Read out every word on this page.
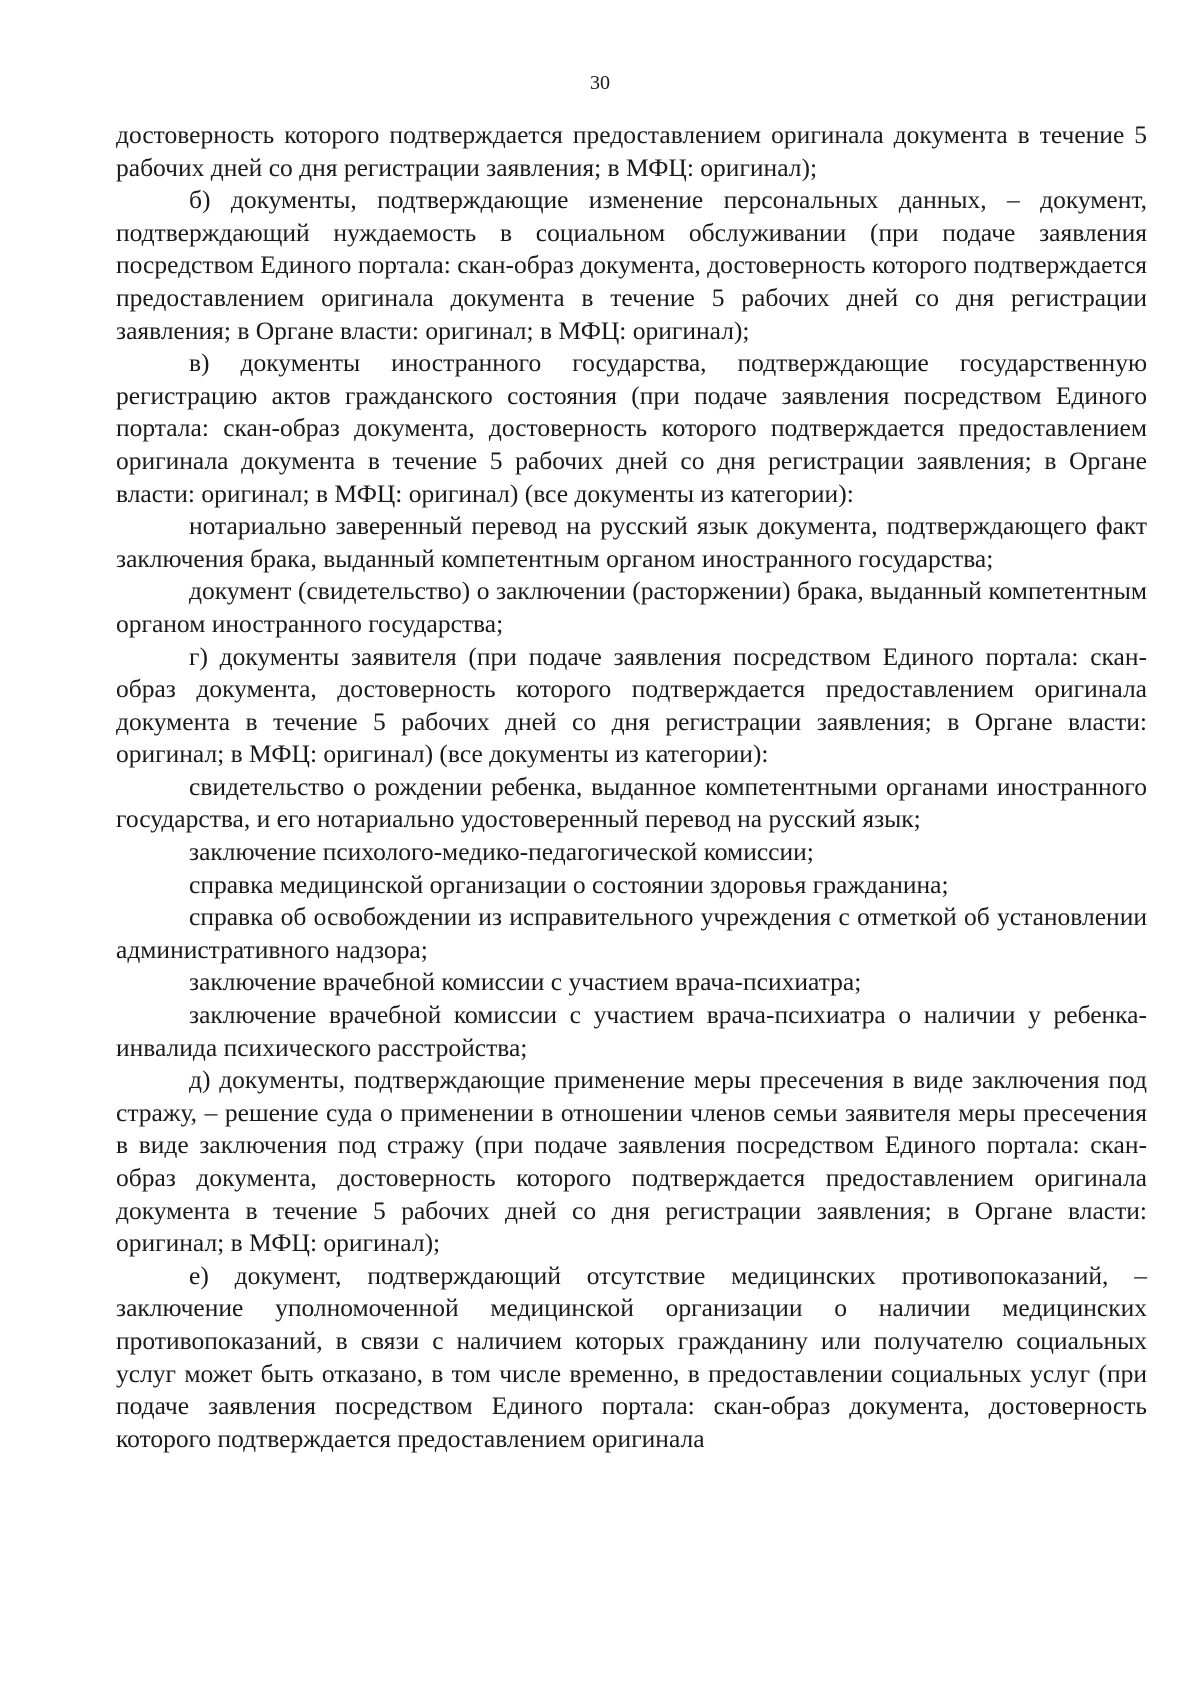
30

достоверность которого подтверждается предоставлением оригинала документа в течение 5 рабочих дней со дня регистрации заявления; в МФЦ: оригинал);

б) документы, подтверждающие изменение персональных данных, – документ, подтверждающий нуждаемость в социальном обслуживании (при подаче заявления посредством Единого портала: скан-образ документа, достоверность которого подтверждается предоставлением оригинала документа в течение 5 рабочих дней со дня регистрации заявления; в Органе власти: оригинал; в МФЦ: оригинал);

в) документы иностранного государства, подтверждающие государственную регистрацию актов гражданского состояния (при подаче заявления посредством Единого портала: скан-образ документа, достоверность которого подтверждается предоставлением оригинала документа в течение 5 рабочих дней со дня регистрации заявления; в Органе власти: оригинал; в МФЦ: оригинал) (все документы из категории):

нотариально заверенный перевод на русский язык документа, подтверждающего факт заключения брака, выданный компетентным органом иностранного государства;

документ (свидетельство) о заключении (расторжении) брака, выданный компетентным органом иностранного государства;

г) документы заявителя (при подаче заявления посредством Единого портала: скан-образ документа, достоверность которого подтверждается предоставлением оригинала документа в течение 5 рабочих дней со дня регистрации заявления; в Органе власти: оригинал; в МФЦ: оригинал) (все документы из категории):

свидетельство о рождении ребенка, выданное компетентными органами иностранного государства, и его нотариально удостоверенный перевод на русский язык;

заключение психолого-медико-педагогической комиссии;

справка медицинской организации о состоянии здоровья гражданина;

справка об освобождении из исправительного учреждения с отметкой об установлении административного надзора;

заключение врачебной комиссии с участием врача-психиатра;

заключение врачебной комиссии с участием врача-психиатра о наличии у ребенка-инвалида психического расстройства;

д) документы, подтверждающие применение меры пресечения в виде заключения под стражу, – решение суда о применении в отношении членов семьи заявителя меры пресечения в виде заключения под стражу (при подаче заявления посредством Единого портала: скан-образ документа, достоверность которого подтверждается предоставлением оригинала документа в течение 5 рабочих дней со дня регистрации заявления; в Органе власти: оригинал; в МФЦ: оригинал);

е) документ, подтверждающий отсутствие медицинских противопоказаний, – заключение уполномоченной медицинской организации о наличии медицинских противопоказаний, в связи с наличием которых гражданину или получателю социальных услуг может быть отказано, в том числе временно, в предоставлении социальных услуг (при подаче заявления посредством Единого портала: скан-образ документа, достоверность которого подтверждается предоставлением оригинала
